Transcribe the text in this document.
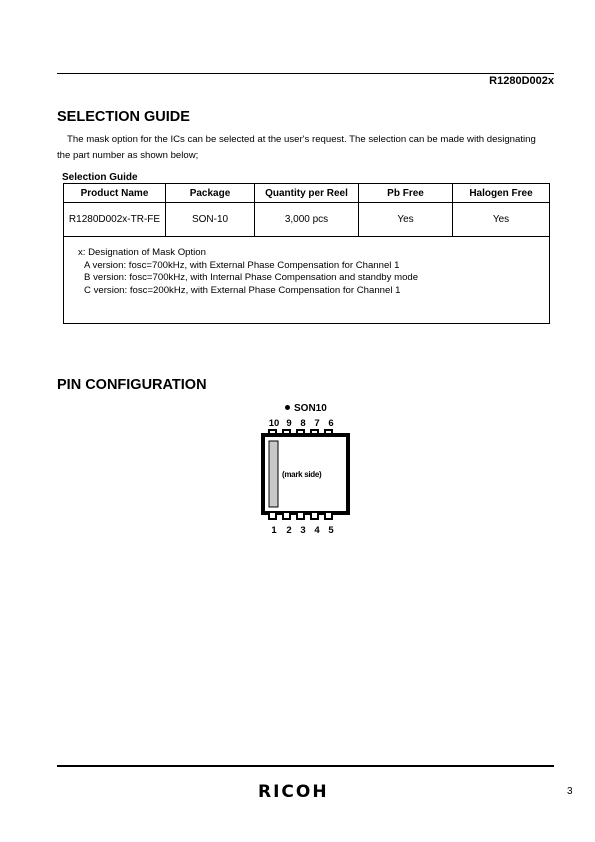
R1280D002x
SELECTION GUIDE
The mask option for the ICs can be selected at the user's request. The selection can be made with designating
the part number as shown below;
Selection Guide
Product Name	Package	Quantity per Reel	Pb Free	Halogen Free
R1280D002x-TR-FE	SON-10	3,000 pcs	Yes	Yes

x: Designation of Mask Option
A version: fosc=700kHz, with External Phase Compensation for Channel 1
B version: fosc=700kHz, with Internal Phase Compensation and standby mode
C version: fosc=200kHz, with External Phase Compensation for Channel 1				
PIN CONFIGURATION
SON10
10 9 8 7 6
(mark side)
1	2 3 4 5
RICOH	3
